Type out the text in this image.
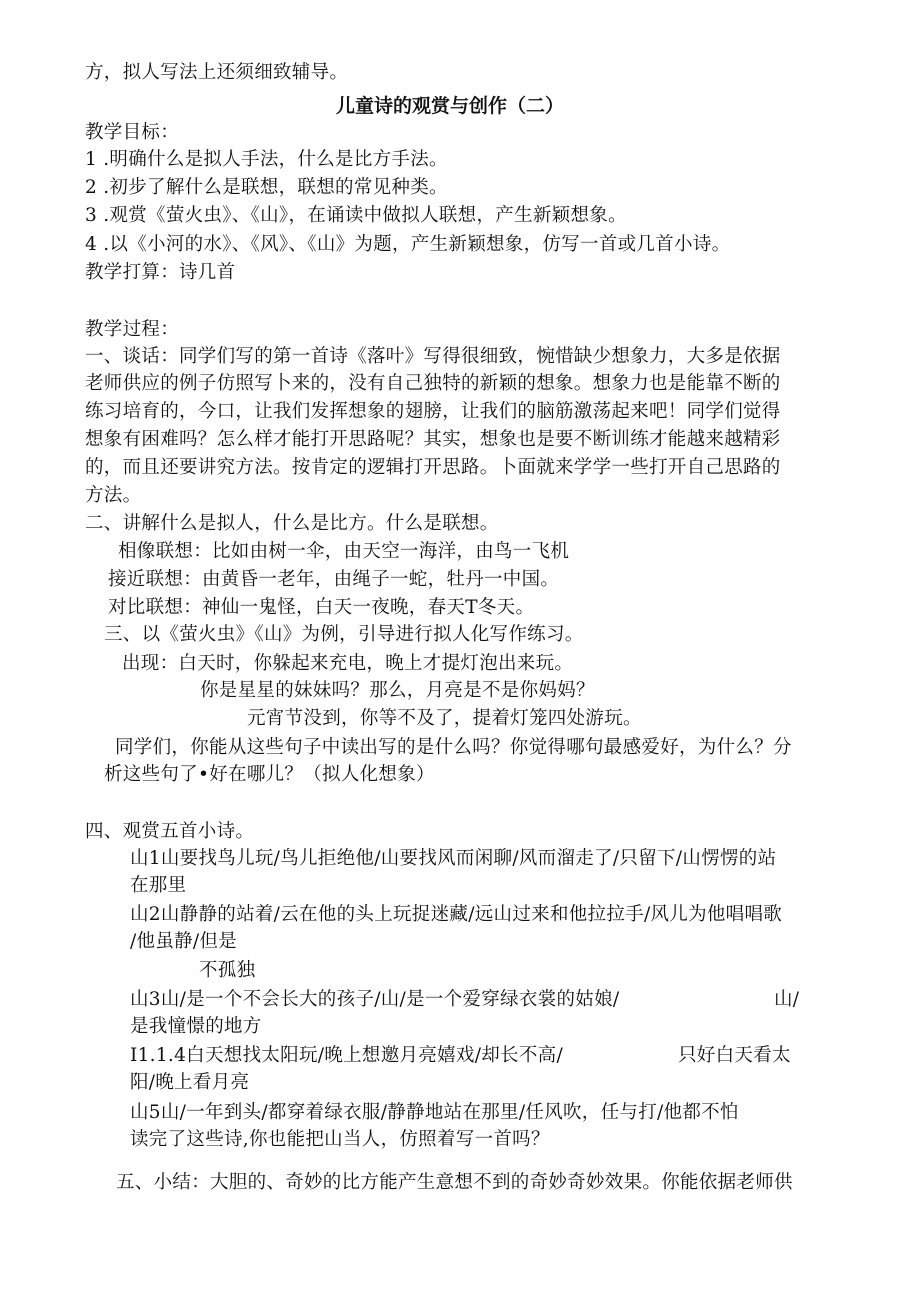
方，拟人写法上还须细致辅导。
儿童诗的观赏与创作（二）
教学目标：
1 .明确什么是拟人手法，什么是比方手法。
2 .初步了解什么是联想，联想的常见种类。
3 .观赏《萤火虫》、《山》，在诵读中做拟人联想，产生新颖想象。
4 .以《小河的水》、《风》、《山》为题，产生新颖想象，仿写一首或几首小诗。
教学打算：诗几首
教学过程：
一、谈话：同学们写的第一首诗《落叶》写得很细致，惋惜缺少想象力，大多是依据
老师供应的例子仿照写卜来的，没有自己独特的新颖的想象。想象力也是能靠不断的
练习培育的，今口，让我们发挥想象的翅膀，让我们的脑筋激荡起来吧！同学们觉得
想象有困难吗？怎么样才能打开思路呢？其实，想象也是要不断训练才能越来越精彩
的，而且还要讲究方法。按肯定的逻辑打开思路。卜面就来学学一些打开自己思路的
方法。
二、讲解什么是拟人，什么是比方。什么是联想。
相像联想：比如由树一伞，由天空一海洋，由鸟一飞机
接近联想：由黄昏一老年，由绳子一蛇，牡丹一中国。
对比联想：神仙一鬼怪，白天一夜晚，春天T冬天。
三、以《萤火虫》《山》为例，引导进行拟人化写作练习。
出现：白天时，你躲起来充电，晚上才提灯泡出来玩。
你是星星的妹妹吗？那么，月亮是不是你妈妈？
元宵节没到，你等不及了，提着灯笼四处游玩。
同学们，你能从这些句子中读出写的是什么吗？你觉得哪句最感爱好，为什么？分
析这些句了•好在哪儿？（拟人化想象）
四、观赏五首小诗。
山1山要找鸟儿玩/鸟儿拒绝他/山要找风而闲聊/风而溜走了/只留下/山愣愣的站
在那里
山2山静静的站着/云在他的头上玩捉迷藏/远山过来和他拉拉手/风儿为他唱唱歌
/他虽静/但是
不孤独
山3山/是一个不会长大的孩子/山/是一个爱穿绿衣裳的姑娘/	山/
是我憧憬的地方
I1.1.4白天想找太阳玩/晚上想邀月亮嬉戏/却长不高/	只好白天看太
阳/晚上看月亮
山5山/一年到头/都穿着绿衣服/静静地站在那里/任风吹，任与打/他都不怕
读完了这些诗,你也能把山当人，仿照着写一首吗？
五、小结：大胆的、奇妙的比方能产生意想不到的奇妙奇妙效果。你能依据老师供
